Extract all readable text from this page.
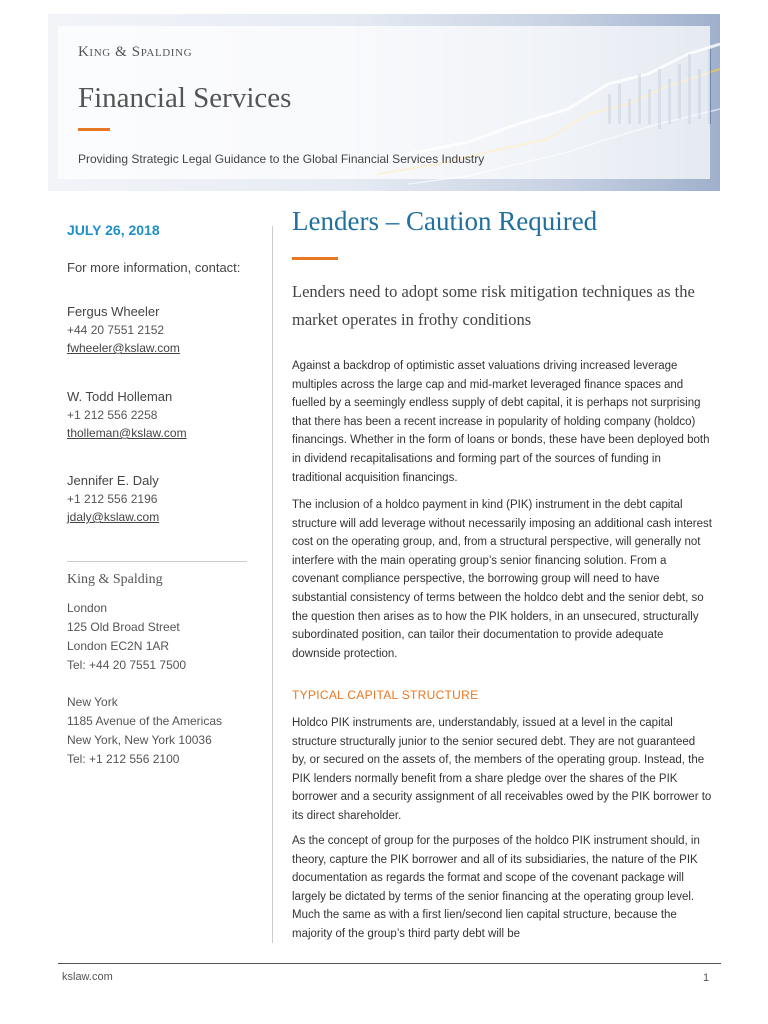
King & Spalding
Financial Services
Providing Strategic Legal Guidance to the Global Financial Services Industry
JULY 26, 2018
For more information, contact:
Fergus Wheeler
+44 20 7551 2152
fwheeler@kslaw.com
W. Todd Holleman
+1 212 556 2258
tholleman@kslaw.com
Jennifer E. Daly
+1 212 556 2196
jdaly@kslaw.com
King & Spalding
London
125 Old Broad Street
London EC2N 1AR
Tel: +44 20 7551 7500
New York
1185 Avenue of the Americas
New York, New York 10036
Tel: +1 212 556 2100
Lenders – Caution Required
Lenders need to adopt some risk mitigation techniques as the market operates in frothy conditions
Against a backdrop of optimistic asset valuations driving increased leverage multiples across the large cap and mid-market leveraged finance spaces and fuelled by a seemingly endless supply of debt capital, it is perhaps not surprising that there has been a recent increase in popularity of holding company (holdco) financings. Whether in the form of loans or bonds, these have been deployed both in dividend recapitalisations and forming part of the sources of funding in traditional acquisition financings.
The inclusion of a holdco payment in kind (PIK) instrument in the debt capital structure will add leverage without necessarily imposing an additional cash interest cost on the operating group, and, from a structural perspective, will generally not interfere with the main operating group’s senior financing solution. From a covenant compliance perspective, the borrowing group will need to have substantial consistency of terms between the holdco debt and the senior debt, so the question then arises as to how the PIK holders, in an unsecured, structurally subordinated position, can tailor their documentation to provide adequate downside protection.
TYPICAL CAPITAL STRUCTURE
Holdco PIK instruments are, understandably, issued at a level in the capital structure structurally junior to the senior secured debt. They are not guaranteed by, or secured on the assets of, the members of the operating group. Instead, the PIK lenders normally benefit from a share pledge over the shares of the PIK borrower and a security assignment of all receivables owed by the PIK borrower to its direct shareholder.
As the concept of group for the purposes of the holdco PIK instrument should, in theory, capture the PIK borrower and all of its subsidiaries, the nature of the PIK documentation as regards the format and scope of the covenant package will largely be dictated by terms of the senior financing at the operating group level. Much the same as with a first lien/second lien capital structure, because the majority of the group’s third party debt will be
kslaw.com	1
